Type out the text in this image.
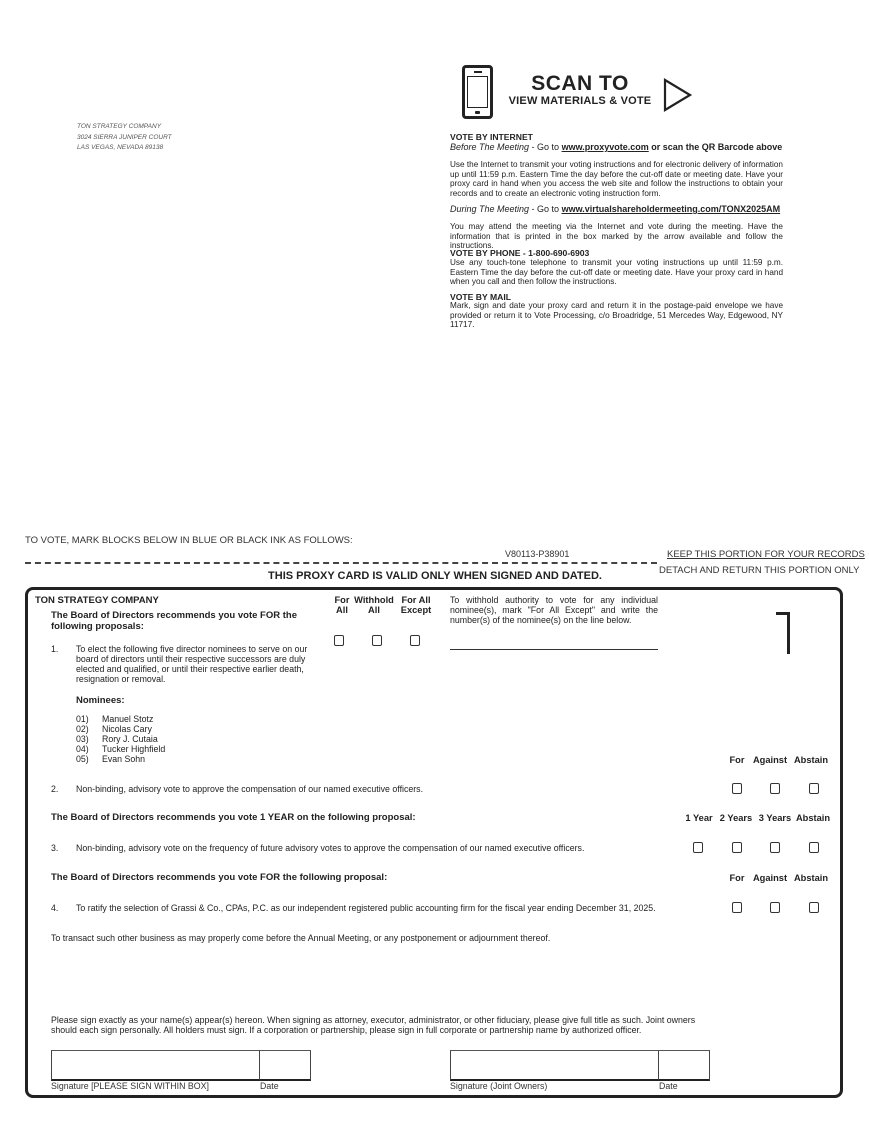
TON STRATEGY COMPANY
3024 SIERRA JUNIPER COURT
LAS VEGAS, NEVADA 89138
SCAN TO
VIEW MATERIALS & VOTE
VOTE BY INTERNET
Before The Meeting - Go to www.proxyvote.com or scan the QR Barcode above
Use the Internet to transmit your voting instructions and for electronic delivery of information up until 11:59 p.m. Eastern Time the day before the cut-off date or meeting date. Have your proxy card in hand when you access the web site and follow the instructions to obtain your records and to create an electronic voting instruction form.
During The Meeting - Go to www.virtualshareholdermeeting.com/TONX2025AM
You may attend the meeting via the Internet and vote during the meeting. Have the information that is printed in the box marked by the arrow available and follow the instructions.
VOTE BY PHONE - 1-800-690-6903
Use any touch-tone telephone to transmit your voting instructions up until 11:59 p.m. Eastern Time the day before the cut-off date or meeting date. Have your proxy card in hand when you call and then follow the instructions.
VOTE BY MAIL
Mark, sign and date your proxy card and return it in the postage-paid envelope we have provided or return it to Vote Processing, c/o Broadridge, 51 Mercedes Way, Edgewood, NY 11717.
TO VOTE, MARK BLOCKS BELOW IN BLUE OR BLACK INK AS FOLLOWS:
V80113-P38901	KEEP THIS PORTION FOR YOUR RECORDS
DETACH AND RETURN THIS PORTION ONLY
THIS PROXY CARD IS VALID ONLY WHEN SIGNED AND DATED.
TON STRATEGY COMPANY
The Board of Directors recommends you vote FOR the following proposals:
For All
Withhold All
For All Except
To withhold authority to vote for any individual nominee(s), mark "For All Except" and write the number(s) of the nominee(s) on the line below.
1. To elect the following five director nominees to serve on our board of directors until their respective successors are duly elected and qualified, or until their respective earlier death, resignation or removal.
Nominees:
01) Manuel Stotz
02) Nicolas Cary
03) Rory J. Cutaia
04) Tucker Highfield
05) Evan Sohn	For Against Abstain
2. Non-binding, advisory vote to approve the compensation of our named executive officers.
The Board of Directors recommends you vote 1 YEAR on the following proposal:	1 Year 2 Years 3 Years Abstain
3. Non-binding, advisory vote on the frequency of future advisory votes to approve the compensation of our named executive officers.
The Board of Directors recommends you vote FOR the following proposal:	For Against Abstain
4. To ratify the selection of Grassi & Co., CPAs, P.C. as our independent registered public accounting firm for the fiscal year ending December 31, 2025.
To transact such other business as may properly come before the Annual Meeting, or any postponement or adjournment thereof.
Please sign exactly as your name(s) appear(s) hereon. When signing as attorney, executor, administrator, or other fiduciary, please give full title as such. Joint owners should each sign personally. All holders must sign. If a corporation or partnership, please sign in full corporate or partnership name by authorized officer.
Signature [PLEASE SIGN WITHIN BOX]	Date	Signature (Joint Owners)	Date
